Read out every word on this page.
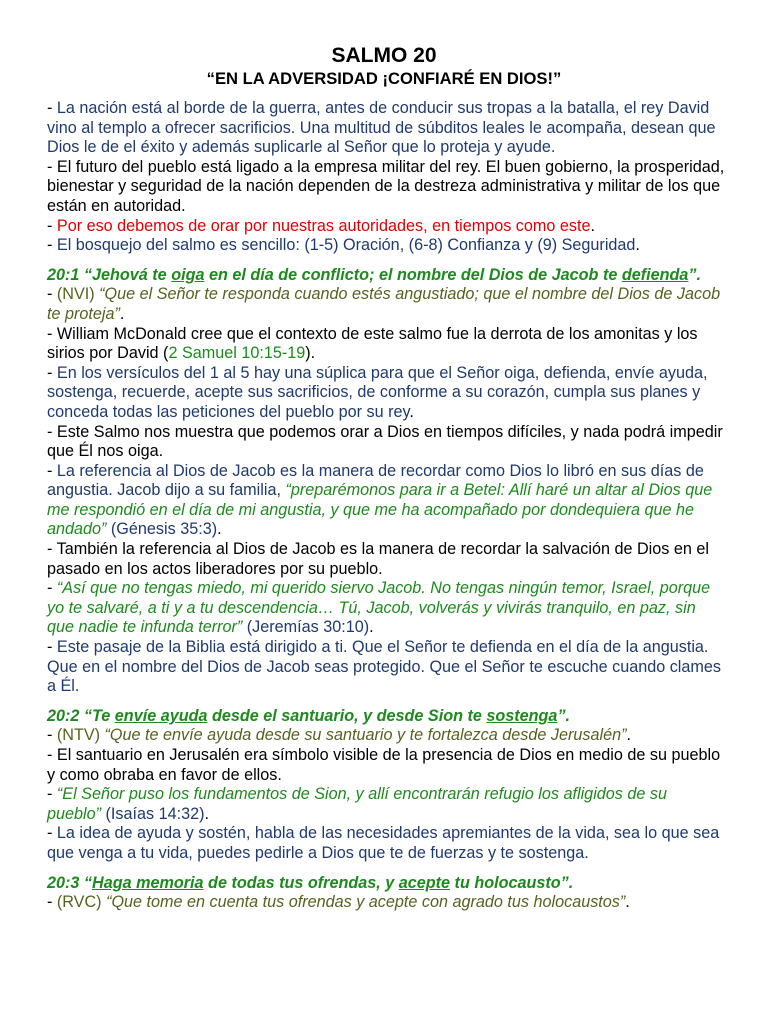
SALMO 20
“EN LA ADVERSIDAD ¡CONFIARÉ EN DIOS!”

- La nación está al borde de la guerra, antes de conducir sus tropas a la batalla, el rey David vino al templo a ofrecer sacrificios. Una multitud de súbditos leales le acompaña, desean que Dios le de el éxito y además suplicarle al Señor que lo proteja y ayude.

- El futuro del pueblo está ligado a la empresa militar del rey. El buen gobierno, la prosperidad, bienestar y seguridad de la nación dependen de la destreza administrativa y militar de los que están en autoridad.

- Por eso debemos de orar por nuestras autoridades, en tiempos como este.

- El bosquejo del salmo es sencillo: (1-5) Oración, (6-8) Confianza y (9) Seguridad.

20:1 “Jehová te oiga en el día de conflicto; el nombre del Dios de Jacob te defienda”.

- (NVI) “Que el Señor te responda cuando estés angustiado; que el nombre del Dios de Jacob te proteja”.

- William McDonald cree que el contexto de este salmo fue la derrota de los amonitas y los sirios por David (2 Samuel 10:15-19).

- En los versículos del 1 al 5 hay una súplica para que el Señor oiga, defienda, envíe ayuda, sostenga, recuerde, acepte sus sacrificios, de conforme a su corazón, cumpla sus planes y conceda todas las peticiones del pueblo por su rey.

- Este Salmo nos muestra que podemos orar a Dios en tiempos difíciles, y nada podrá impedir que Él nos oiga.

- La referencia al Dios de Jacob es la manera de recordar como Dios lo libró en sus días de angustia. Jacob dijo a su familia, “preparémonos para ir a Betel: Allí haré un altar al Dios que me respondió en el día de mi angustia, y que me ha acompañado por dondequiera que he andado” (Génesis 35:3).

- También la referencia al Dios de Jacob es la manera de recordar la salvación de Dios en el pasado en los actos liberadores por su pueblo.

- “Así que no tengas miedo, mi querido siervo Jacob. No tengas ningún temor, Israel, porque yo te salvaré, a ti y a tu descendencia… Tú, Jacob, volverás y vivirás tranquilo, en paz, sin que nadie te infunda terror” (Jeremías 30:10).

- Este pasaje de la Biblia está dirigido a ti. Que el Señor te defienda en el día de la angustia. Que en el nombre del Dios de Jacob seas protegido. Que el Señor te escuche cuando clames a Él.

20:2 “Te envíe ayuda desde el santuario, y desde Sion te sostenga”.

- (NTV) “Que te envíe ayuda desde su santuario y te fortalezca desde Jerusalén”.

- El santuario en Jerusalén era símbolo visible de la presencia de Dios en medio de su pueblo y como obraba en favor de ellos.

- “El Señor puso los fundamentos de Sion, y allí encontrarán refugio los afligidos de su pueblo” (Isaías 14:32).

- La idea de ayuda y sostén, habla de las necesidades apremiantes de la vida, sea lo que sea que venga a tu vida, puedes pedirle a Dios que te de fuerzas y te sostenga.

20:3 “Haga memoria de todas tus ofrendas, y acepte tu holocausto”.

- (RVC) “Que tome en cuenta tus ofrendas y acepte con agrado tus holocaustos”.
